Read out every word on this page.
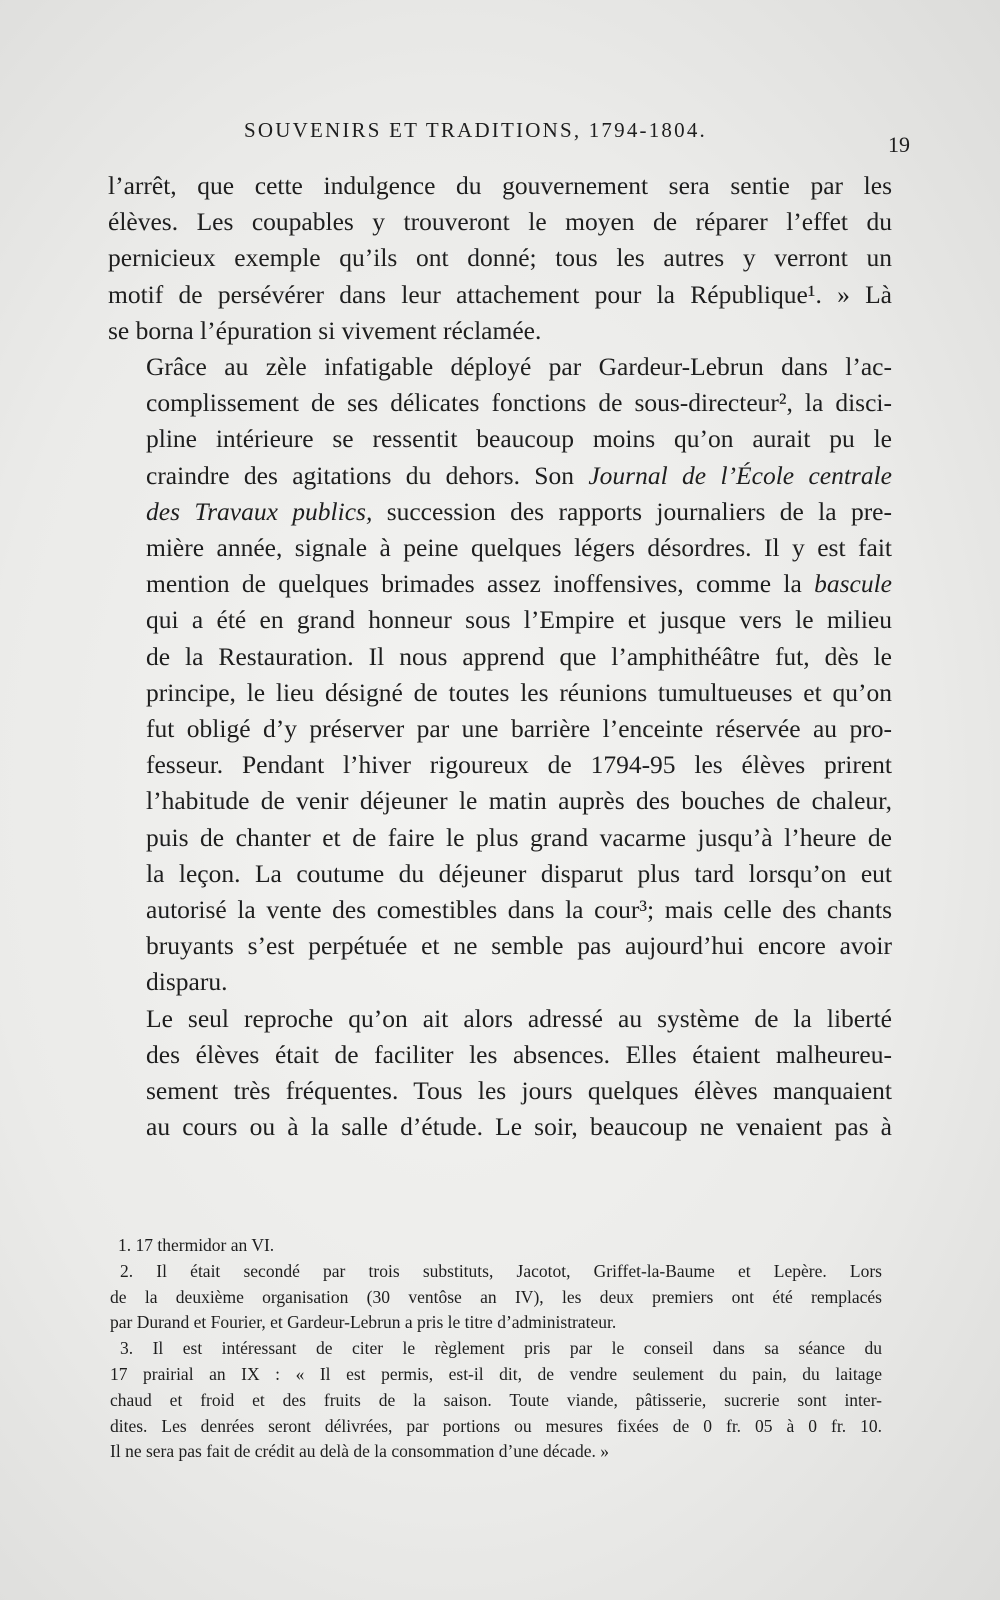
SOUVENIRS ET TRADITIONS, 1794-1804.
19

l’arrêt, que cette indulgence du gouvernement sera sentie par les
élèves. Les coupables y trouveront le moyen de réparer l’effet du
pernicieux exemple qu’ils ont donné; tous les autres y verront un
motif de persévérer dans leur attachement pour la République¹. » Là
se borna l’épuration si vivement réclamée.

Grâce au zèle infatigable déployé par Gardeur-Lebrun dans l’ac-
complissement de ses délicates fonctions de sous-directeur², la disci-
pline intérieure se ressentit beaucoup moins qu’on aurait pu le
craindre des agitations du dehors. Son Journal de l’École centrale
des Travaux publics, succession des rapports journaliers de la pre-
mière année, signale à peine quelques légers désordres. Il y est fait
mention de quelques brimades assez inoffensives, comme la bascule
qui a été en grand honneur sous l’Empire et jusque vers le milieu
de la Restauration. Il nous apprend que l’amphithéâtre fut, dès le
principe, le lieu désigné de toutes les réunions tumultueuses et qu’on
fut obligé d’y préserver par une barrière l’enceinte réservée au pro-
fesseur. Pendant l’hiver rigoureux de 1794-95 les élèves prirent
l’habitude de venir déjeuner le matin auprès des bouches de chaleur,
puis de chanter et de faire le plus grand vacarme jusqu’à l’heure de
la leçon. La coutume du déjeuner disparut plus tard lorsqu’on eut
autorisé la vente des comestibles dans la cour³; mais celle des chants
bruyants s’est perpétuée et ne semble pas aujourd’hui encore avoir
disparu.

Le seul reproche qu’on ait alors adressé au système de la liberté
des élèves était de faciliter les absences. Elles étaient malheureu-
sement très fréquentes. Tous les jours quelques élèves manquaient
au cours ou à la salle d’étude. Le soir, beaucoup ne venaient pas à

1. 17 thermidor an VI.
2. Il était secondé par trois substituts, Jacotot, Griffet-la-Baume et Lepère. Lors
de la deuxième organisation (30 ventôse an IV), les deux premiers ont été remplacés
par Durand et Fourier, et Gardeur-Lebrun a pris le titre d’administrateur.
3. Il est intéressant de citer le règlement pris par le conseil dans sa séance du
17 prairial an IX : « Il est permis, est-il dit, de vendre seulement du pain, du laitage
chaud et froid et des fruits de la saison. Toute viande, pâtisserie, sucrerie sont inter-
dites. Les denrées seront délivrées, par portions ou mesures fixées de 0 fr. 05 à 0 fr. 10.
Il ne sera pas fait de crédit au delà de la consommation d’une décade. »
